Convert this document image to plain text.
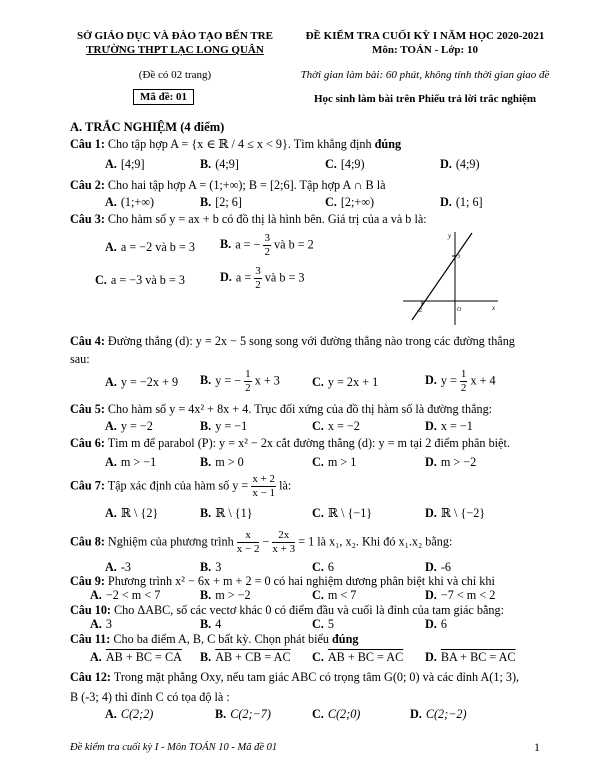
SỞ GIÁO DỤC VÀ ĐÀO TẠO BẾN TRE
TRƯỜNG THPT LẠC LONG QUÂN
(Đề có 02 trang)
Mã đề: 01
ĐỀ KIỂM TRA CUỐI KỲ I NĂM HỌC 2020-2021
Môn: TOÁN - Lớp: 10
Thời gian làm bài: 60 phút, không tính thời gian giao đề
Học sinh làm bài trên Phiếu trả lời trắc nghiệm
A. TRẮC NGHIỆM (4 điểm)
Câu 1: Cho tập hợp A = {x ∈ ℝ / 4 ≤ x < 9}. Tìm khẳng định đúng
A. [4;9]	B. (4;9]	C. [4;9)	D. (4;9)
Câu 2: Cho hai tập hợp A = (1;+∞); B = [2;6]. Tập hợp A ∩ B là
A. (1;+∞)	B. [2; 6]	C. [2;+∞)	D. (1; 6]
Câu 3: Cho hàm số y = ax + b có đồ thị là hình bên. Giá trị của a và b là:
A. a = −2 và b = 3 B. a = − $\frac{3}{2}$ và b = 2
C. a = −3 và b = 3	D. $a = \frac{3}{2}$ và b = 3
y
x
3
-2	O
Câu 4: Đường thẳng (d): y = 2x − 5 song song với đường thẳng nào trong các đường thẳng
sau:
A. y = −2x + 9 B. y = − $\frac{1}{2}$ x + 3	C. y = 2x + 1	D. $y = \frac{1}{2}$ x + 4
Câu 5: Cho hàm số y = 4x² + 8x + 4. Trục đối xứng của đồ thị hàm số là đường thẳng:
A. y = −2	B. y = −1	C. x = −2	D. x = −1
Câu 6: Tìm m để parabol (P): y = x² − 2x cắt đường thẳng (d): y = m tại 2 điểm phân biệt.
A. m > −1	B. m > 0	C. m > 1	D. m > −2
Câu 7: Tập xác định của hàm số $y = \frac{x + 2}{x - 1}$ là:
A. ℝ \ {2}	B. ℝ \ {1}	C. ℝ \ {−1}	D. ℝ \ {−2}
Câu 8: Nghiệm của phương trình $\frac{x}{x - 2} - \frac{2x}{x + 3} = 1$ là x₁, x₂. Khi đó x₁.x₂ bằng:
A. -3	B. 3	C. 6	D. -6
Câu 9: Phương trình x² − 6x + m + 2 = 0 có hai nghiệm dương phân biệt khi và chỉ khi
A. −2 < m < 7	B. m > −2	C. m < 7	D. −7 < m < 2
Câu 10: Cho ΔABC, số các vectơ khác 0 có điểm đầu và cuối là đỉnh của tam giác bằng:
A. 3	B. 4	C. 5	D. 6
Câu 11: Cho ba điểm A, B, C bất kỳ. Chọn phát biểu đúng
A. AB + BC = CA B. AB + CB = AC C. AB + BC = AC D. BA + BC = AC
Câu 12: Trong mặt phẳng Oxy, nếu tam giác ABC có trọng tâm G(0; 0) và các đỉnh A(1; 3),
B (-3; 4) thì đỉnh C có tọa độ là :
A. C(2;2)	B. C(2;−7)	C. C(2;0)	D. C(2;−2)
Đề kiểm tra cuối kỳ I - Môn TOÁN 10 - Mã đề 01	1
